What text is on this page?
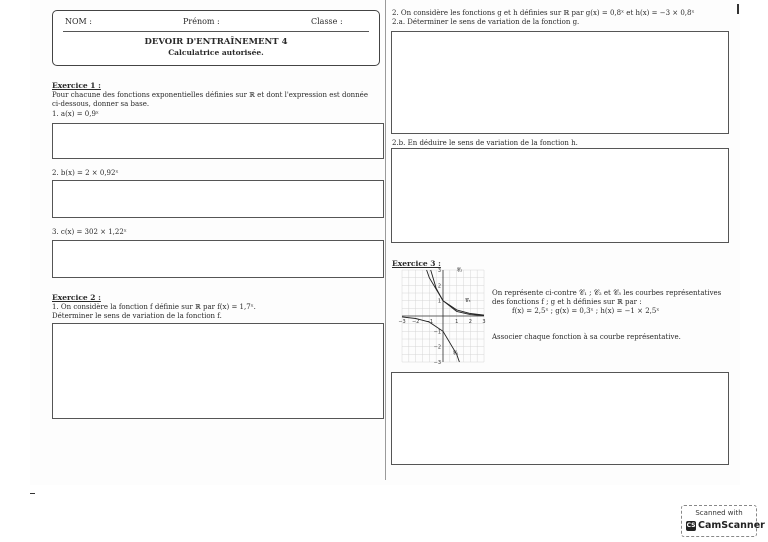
NOM :	Prénom :	Classe :
DEVOIR D'ENTRAÎNEMENT 4
Calculatrice autorisée.
Exercice 1 :
Pour chacune des fonctions exponentielles définies sur ℝ et dont l'expression est donnée
ci-dessous, donner sa base.
1. a(x) = 0,9ˣ
2. b(x) = 2 × 0,92ˣ
3. c(x) = 302 × 1,22ˣ
Exercice 2 :
1. On considère la fonction f définie sur ℝ par f(x) = 1,7ˣ.
Déterminer le sens de variation de la fonction f.
2. On considère les fonctions g et h définies sur ℝ par g(x) = 0,8ˣ et h(x) = −3 × 0,8ˣ
2.a. Déterminer le sens de variation de la fonction g.
2.b. En déduire le sens de variation de la fonction h.
Exercice 3 :
−3 −2 −1	1 2 3
3
2
1
−1
−2
−3
𝒞₁
𝒞₂
𝒞₃
On représente ci-contre 𝒞₁ ; 𝒞₂ et 𝒞₃ les courbes représentatives
des fonctions f ; g et h définies sur ℝ par :
f(x) = 2,5ˣ ; g(x) = 0,3ˣ ; h(x) = −1 × 2,5ˣ
Associer chaque fonction à sa courbe représentative.
Scanned with
CS CamScanner
